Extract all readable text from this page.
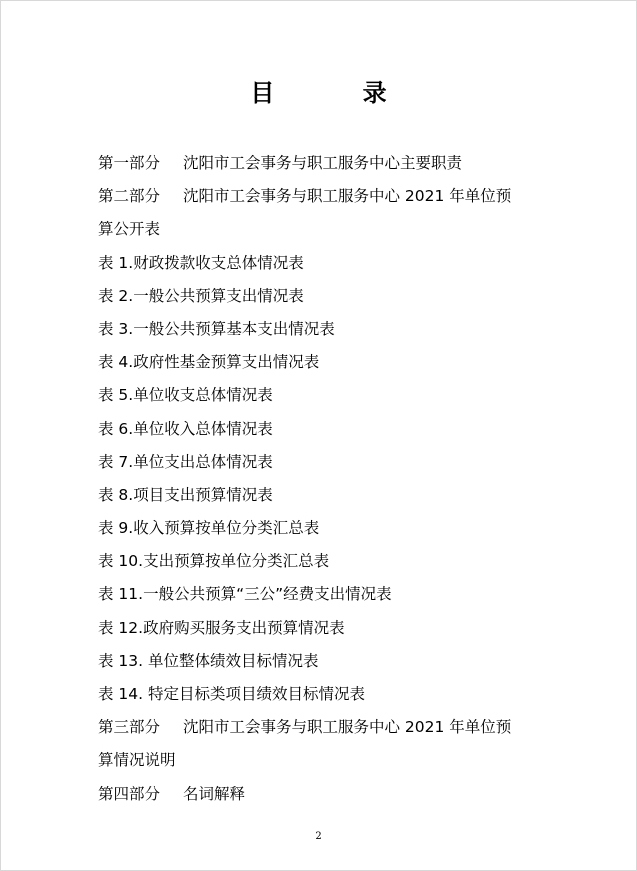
目 录
第一部分 沈阳市工会事务与职工服务中心主要职责
第二部分 沈阳市工会事务与职工服务中心 2021 年单位预
算公开表
表 1.财政拨款收支总体情况表
表 2.一般公共预算支出情况表
表 3.一般公共预算基本支出情况表
表 4.政府性基金预算支出情况表
表 5.单位收支总体情况表
表 6.单位收入总体情况表
表 7.单位支出总体情况表
表 8.项目支出预算情况表
表 9.收入预算按单位分类汇总表
表 10.支出预算按单位分类汇总表
表 11.一般公共预算“三公”经费支出情况表
表 12.政府购买服务支出预算情况表
表 13. 单位整体绩效目标情况表
表 14. 特定目标类项目绩效目标情况表
第三部分 沈阳市工会事务与职工服务中心 2021 年单位预
算情况说明
第四部分 名词解释
2
